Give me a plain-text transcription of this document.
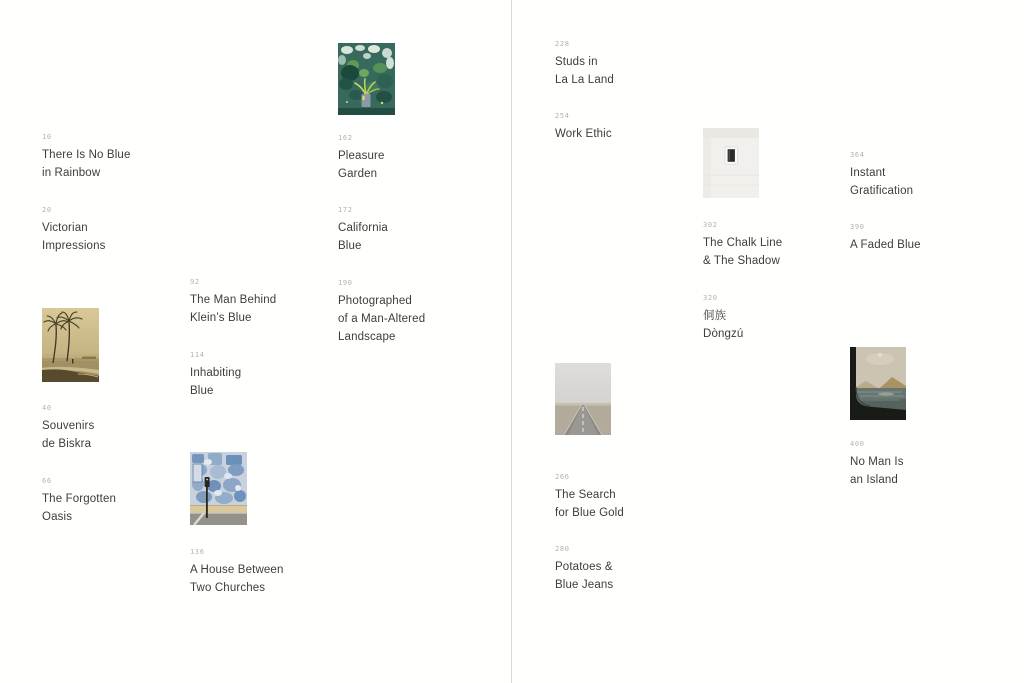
10
There Is No Blue
in Rainbow
20
Victorian
Impressions
40
Souvenirs
de Biskra
66
The Forgotten
Oasis
92
The Man Behind
Klein’s Blue
114
Inhabiting
Blue
136
A House Between
Two Churches
162
Pleasure
Garden
172
California
Blue
190
Photographed
of a Man-Altered
Landscape
228
Studs in
La La Land
254
Work Ethic
266
The Search
for Blue Gold
280
Potatoes &
Blue Jeans
302
The Chalk Line
& The Shadow
320
侗族
Dòngzú
364
Instant
Gratification
390
A Faded Blue
400
No Man Is
an Island
